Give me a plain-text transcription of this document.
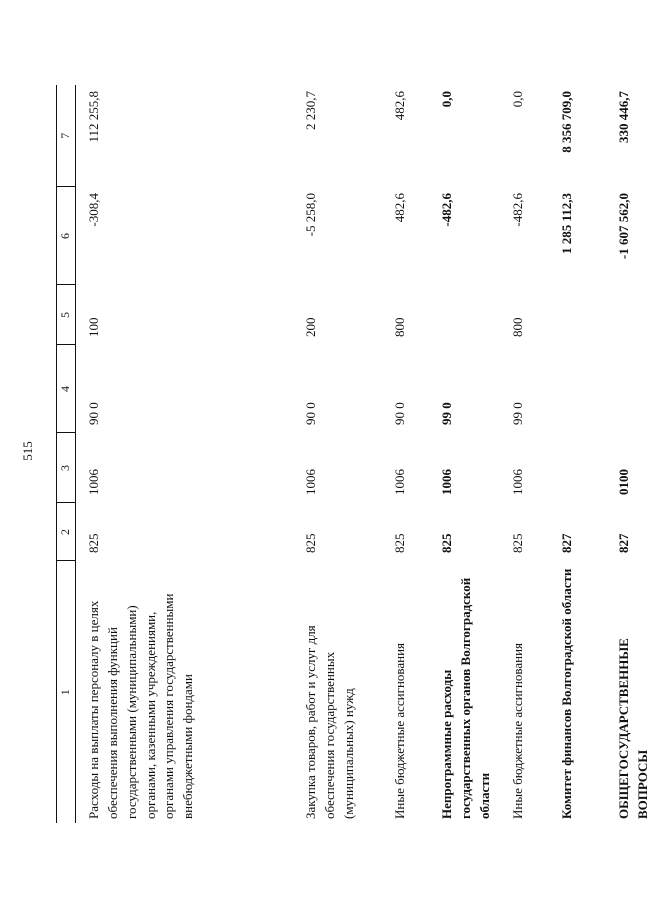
515
1	2	3	4	5	6	7
Расходы на выплаты персоналу в целях обеспечения выполнения функций государственными (муниципальными) органами, казенными учреждениями, органами управления государственными внебюджетными фондами	825	1006	90 0	100	-308,4	112 255,8
Закупка товаров, работ и услуг для обеспечения государственных (муниципальных) нужд	825	1006	90 0	200	-5 258,0	2 230,7
Иные бюджетные ассигнования	825	1006	90 0	800	482,6	482,6
Непрограммные расходы государственных органов Волгоградской области	825	1006	99 0		-482,6	0,0
Иные бюджетные ассигнования	825	1006	99 0	800	-482,6	0,0
Комитет финансов Волгоградской области	827				1 285 112,3	8 356 709,0
ОБЩЕГОСУДАРСТВЕННЫЕ ВОПРОСЫ	827	0100			-1 607 562,0	330 446,7
